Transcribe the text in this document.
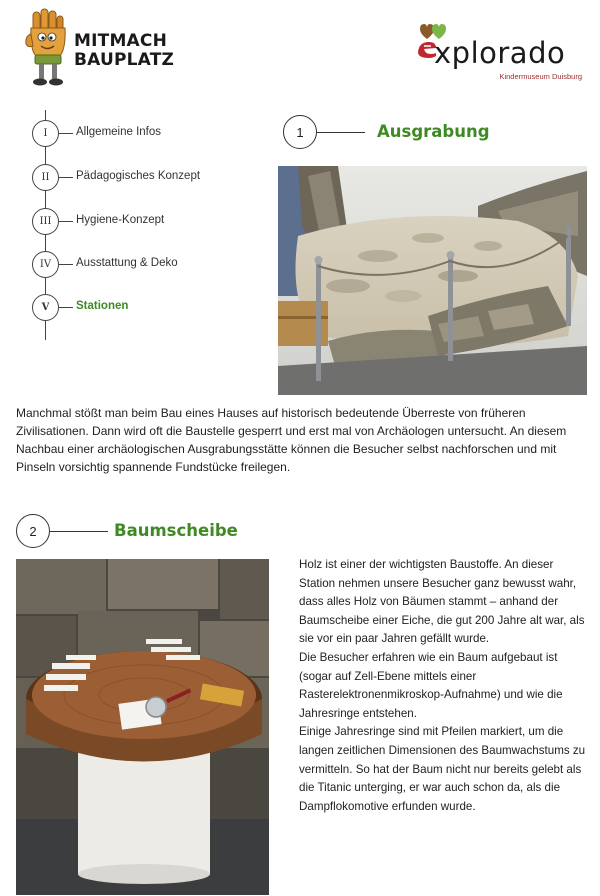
MITMACH
BAUPLATZ	xplorado
Kindermuseum Duisburg
I	Allgemeine Infos
II	Pädagogisches Konzept
III	Hygiene-Konzept
IV	Ausstattung & Deko
V	Stationen
1	Ausgrabung
Manchmal stößt man beim Bau eines Hauses auf historisch bedeutende Überreste von früheren Zivilisationen. Dann wird oft die Baustelle gesperrt und erst mal von Archäologen untersucht. An diesem Nachbau einer archäologischen Ausgrabungsstätte können die Besucher selbst nachforschen und mit Pinseln vorsichtig spannende Fundstücke freilegen.
2	Baumscheibe
Holz ist einer der wichtigsten Baustoffe. An dieser Station nehmen unsere Besucher ganz bewusst wahr, dass alles Holz von Bäumen stammt – anhand der Baumscheibe einer Eiche, die gut 200 Jahre alt war, als sie vor ein paar Jahren gefällt wurde.
Die Besucher erfahren wie ein Baum aufgebaut ist (sogar auf Zell-Ebene mittels einer Rasterelektronenmikroskop-Aufnahme) und wie die Jahresringe entstehen.
Einige Jahresringe sind mit Pfeilen markiert, um die langen zeitlichen Dimensionen des Baumwachstums zu vermitteln. So hat der Baum nicht nur bereits gelebt als die Titanic unterging, er war auch schon da, als die Dampflokomotive erfunden wurde.
